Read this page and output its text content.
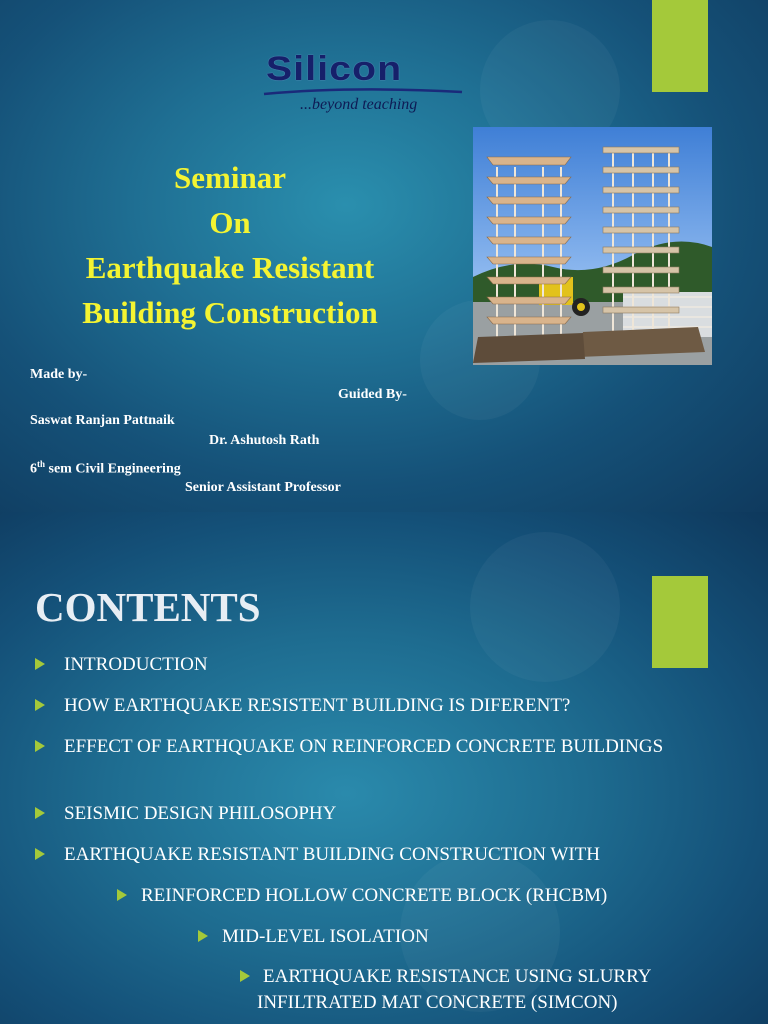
Silicon
...beyond teaching
Seminar
On
Earthquake Resistant
Building Construction
Made by-
Guided By-
Saswat Ranjan Pattnaik
Dr. Ashutosh Rath
6th sem Civil Engineering
Senior Assistant Professor
CONTENTS
INTRODUCTION
HOW EARTHQUAKE RESISTENT BUILDING IS DIFERENT?
EFFECT OF EARTHQUAKE ON REINFORCED CONCRETE BUILDINGS
SEISMIC DESIGN PHILOSOPHY
EARTHQUAKE RESISTANT BUILDING CONSTRUCTION WITH
REINFORCED HOLLOW CONCRETE BLOCK (RHCBM)
MID-LEVEL ISOLATION
EARTHQUAKE RESISTANCE USING SLURRY INFILTRATED MAT CONCRETE (SIMCON)
